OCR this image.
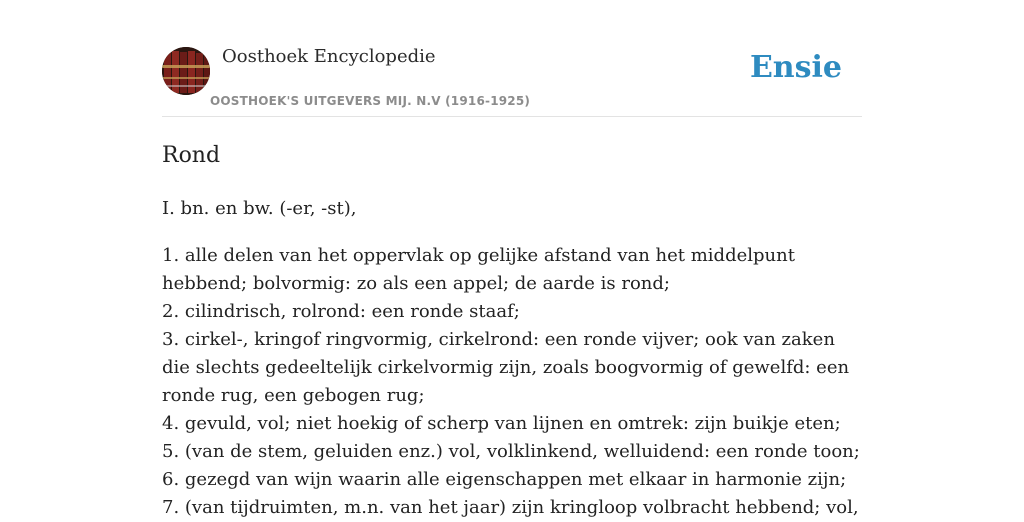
Oosthoek Encyclopedie
OOSTHOEK'S UITGEVERS MIJ. N.V (1916-1925)
Ensie
Rond
I. bn. en bw. (-er, -st),
1. alle delen van het oppervlak op gelijke afstand van het middelpunt hebbend; bolvormig: zo als een appel; de aarde is rond;
2. cilindrisch, rolrond: een ronde staaf;
3. cirkel-, kringof ringvormig, cirkelrond: een ronde vijver; ook van zaken die slechts gedeeltelijk cirkelvormig zijn, zoals boogvormig of gewelfd: een ronde rug, een gebogen rug;
4. gevuld, vol; niet hoekig of scherp van lijnen en omtrek: zijn buikje eten;
5. (van de stem, geluiden enz.) vol, volklinkend, welluidend: een ronde toon;
6. gezegd van wijn waarin alle eigenschappen met elkaar in harmonie zijn;
7. (van tijdruimten, m.n. van het jaar) zijn kringloop volbracht hebbend; vol,
